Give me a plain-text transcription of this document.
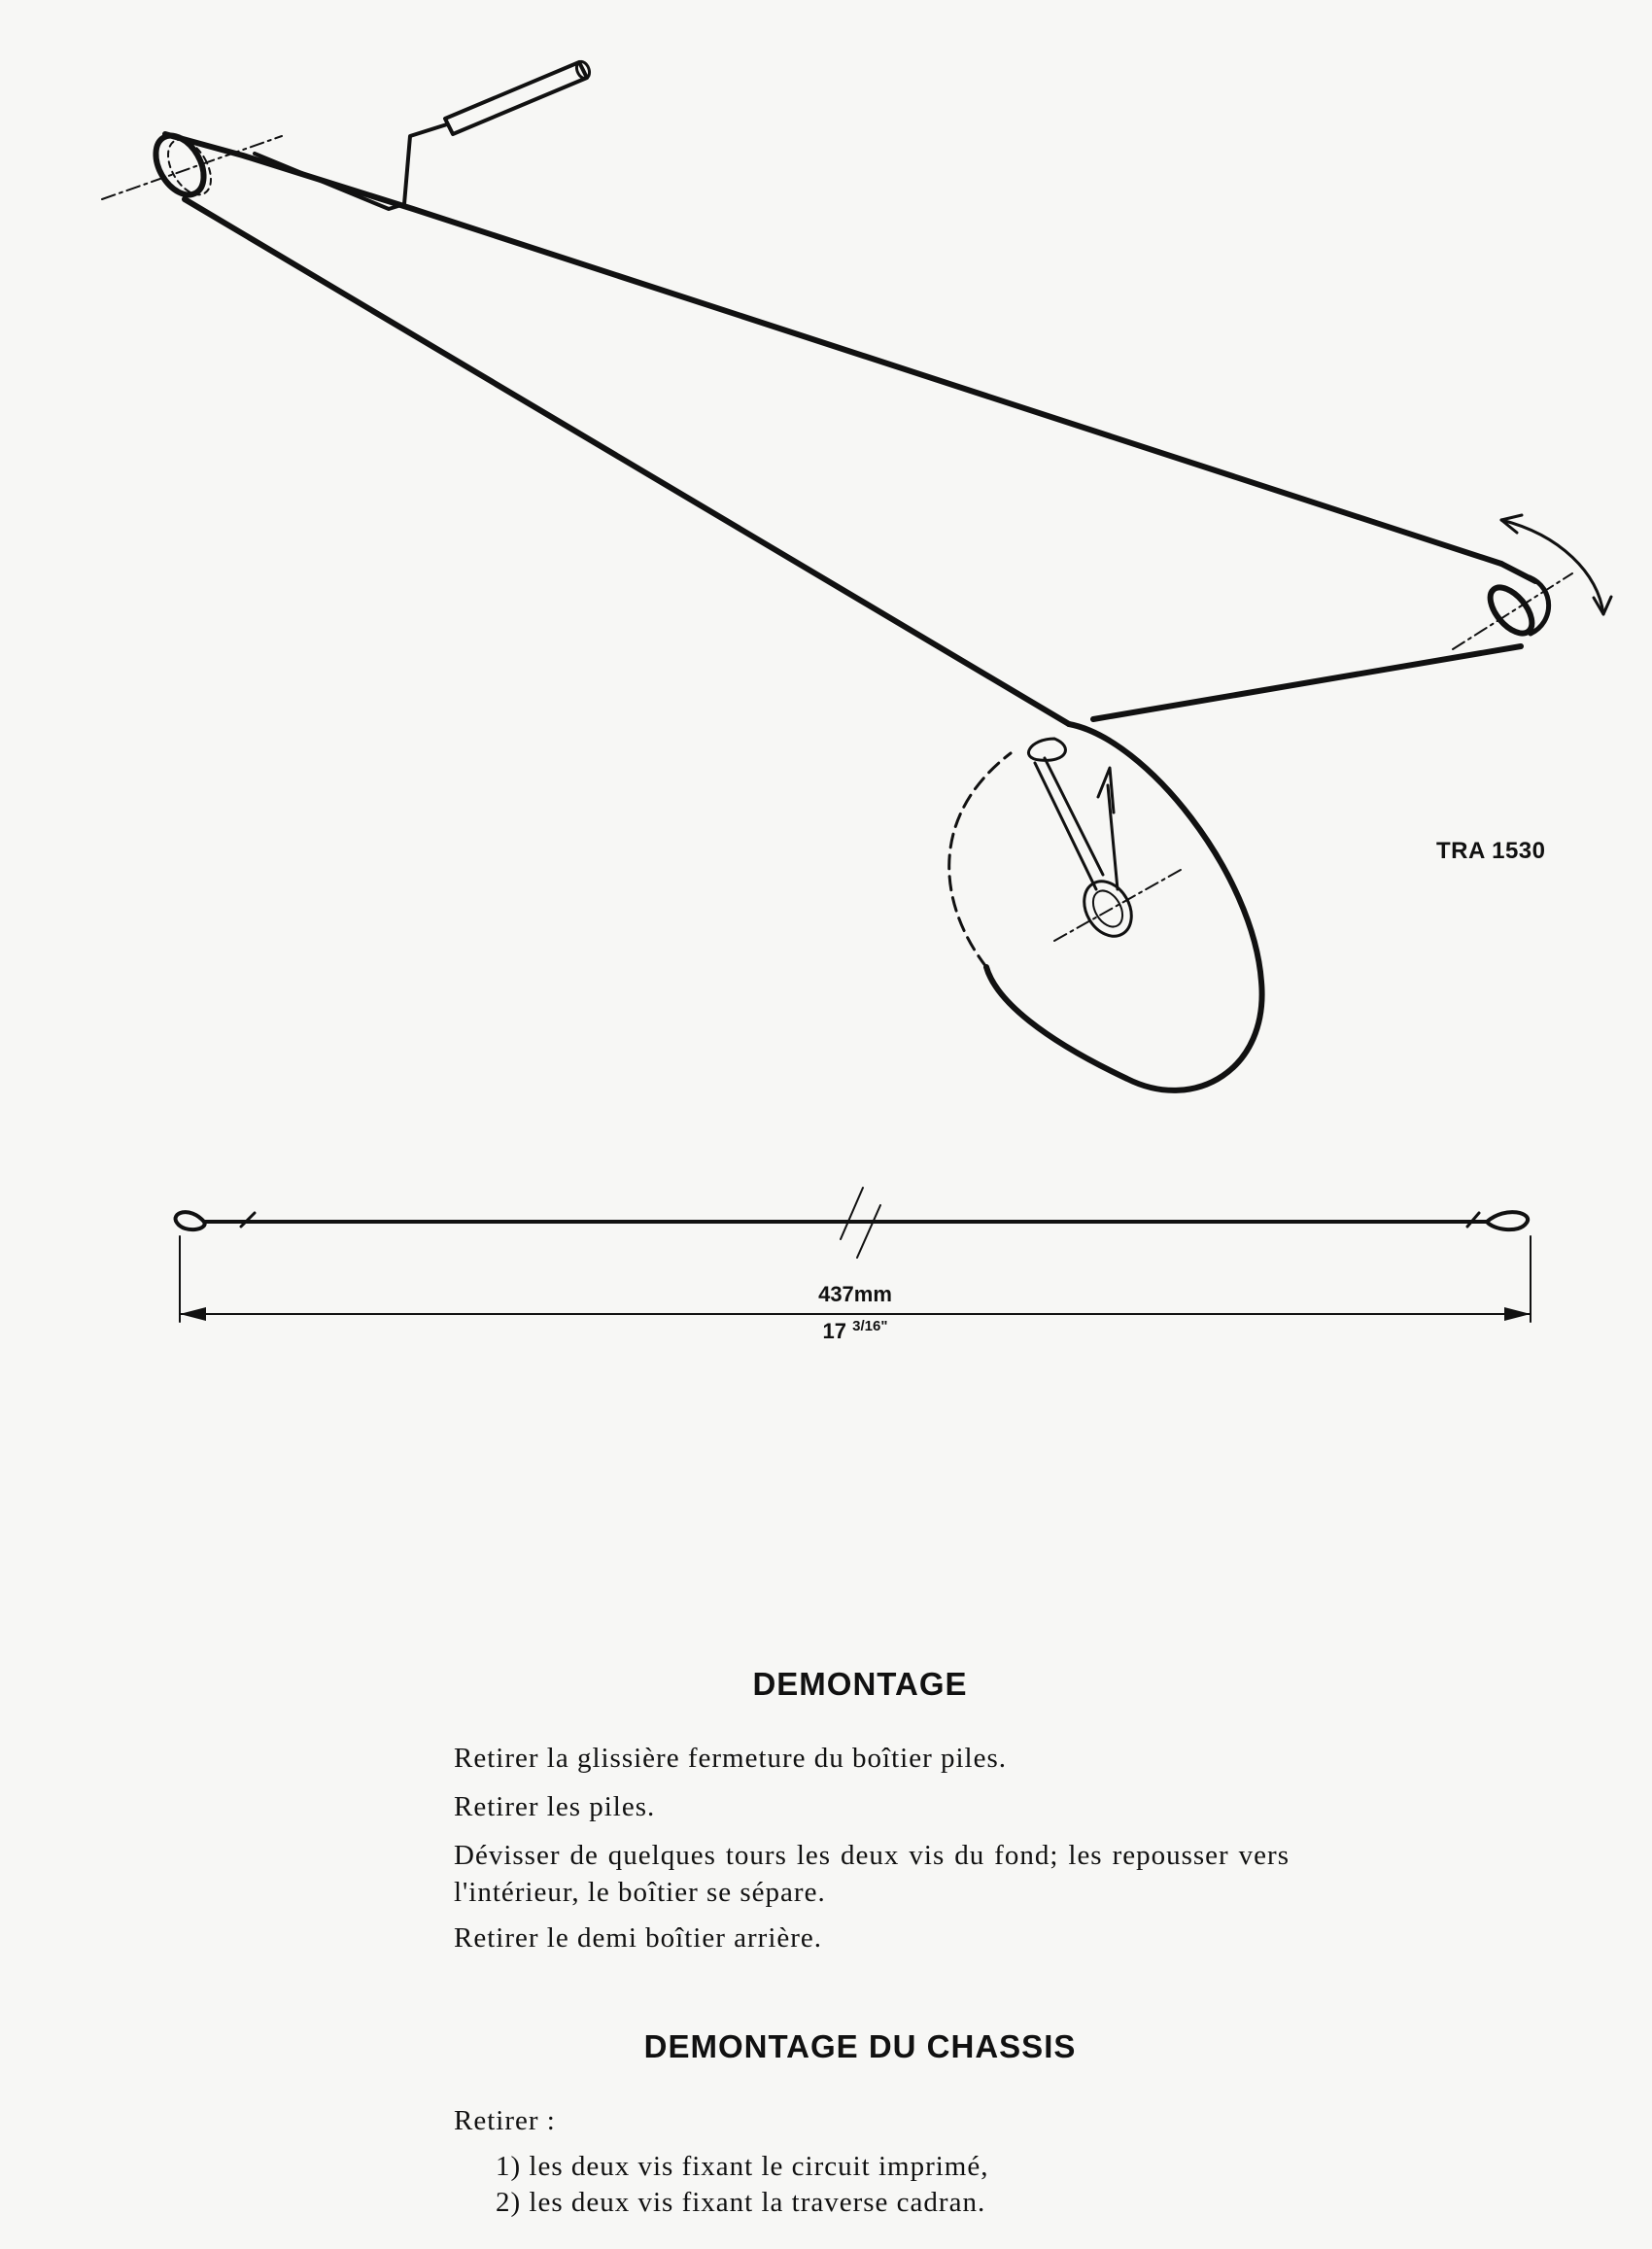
TRA 1530
437mm
17 $^{3/16"}$
DEMONTAGE
Retirer la glissière fermeture du boîtier piles.
Retirer les piles.
Dévisser de quelques tours les deux vis du fond; les repousser vers l'intérieur, le boîtier se sépare.
Retirer le demi boîtier arrière.
DEMONTAGE DU CHASSIS
Retirer :
1) les deux vis fixant le circuit imprimé,
2) les deux vis fixant la traverse cadran.
